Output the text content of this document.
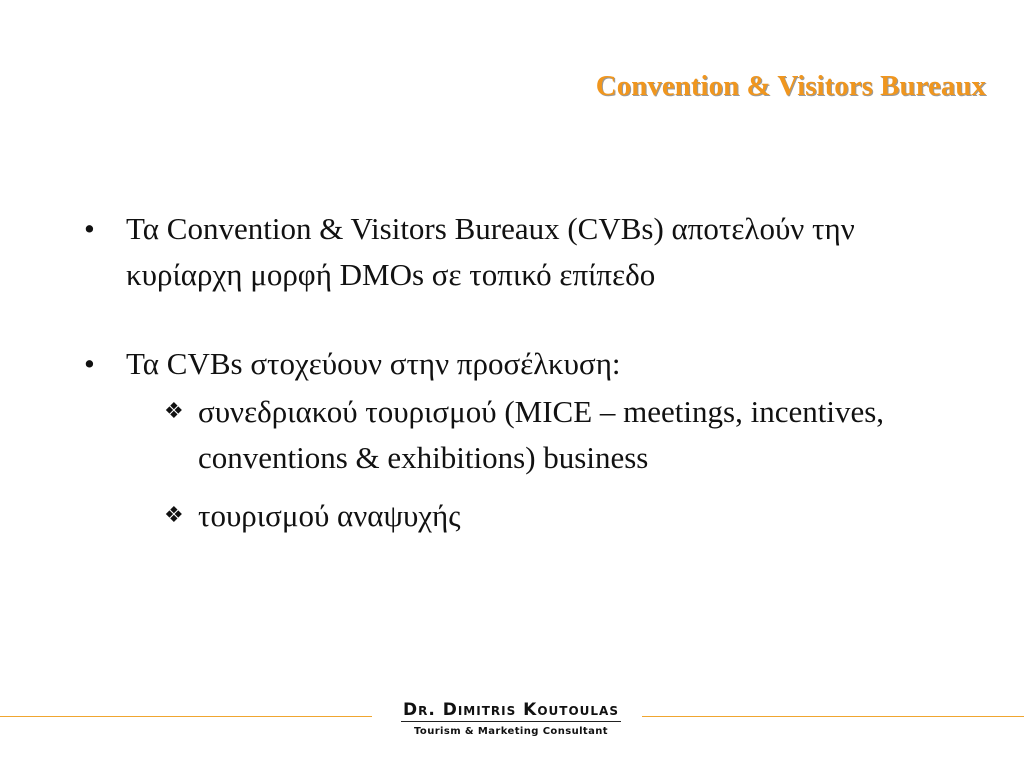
Convention & Visitors Bureaux
•	Τα Convention & Visitors Bureaux (CVBs) αποτελούν την κυρίαρχη μορφή DMOs σε τοπικό επίπεδο
•	Τα CVBs στοχεύουν στην προσέλκυση:
❖ συνεδριακού τουρισμού (MICE – meetings, incentives, conventions & exhibitions) business
❖ τουρισμού αναψυχής
Dr. Dimitris Koutoulas
Tourism & Marketing Consultant
